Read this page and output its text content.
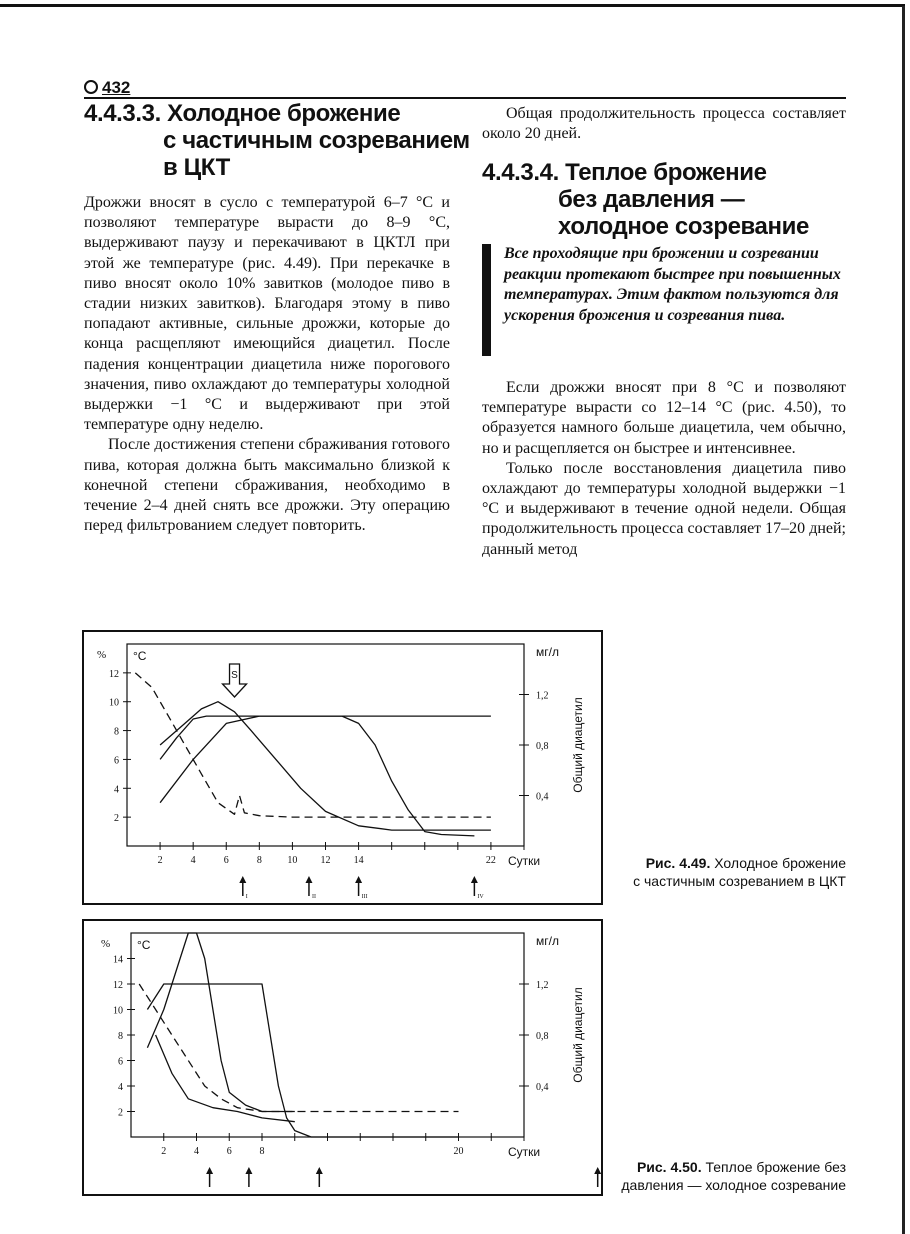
432
4.4.3.3. Холодное брожение
с частичным созреванием
в ЦКТ

Дрожжи вносят в сусло с температурой 6–7 °С и позволяют температуре вырасти до 8–9 °С, выдерживают паузу и перекачивают в ЦКТЛ при этой же температуре (рис. 4.49). При перекачке в пиво вносят около 10% завитков (молодое пиво в стадии низких завитков). Благодаря этому в пиво попадают активные, сильные дрожжи, которые до конца расщепляют имеющийся диацетил. После падения концентрации диацетила ниже порогового значения, пиво охлаждают до температуры холодной выдержки −1 °С и выдерживают при этой температуре одну неделю.

После достижения степени сбраживания готового пива, которая должна быть максимально близкой к конечной степени сбраживания, необходимо в течение 2–4 дней снять все дрожжи. Эту операцию перед фильтрованием следует повторить.

Общая продолжительность процесса составляет около 20 дней.

4.4.3.4. Теплое брожение
без давления —
холодное созревание
Все проходящие при брожении и созревании реакции протекают быстрее при повышенных температурах. Этим фактом пользуются для ускорения брожения и созревания пива.

Если дрожжи вносят при 8 °С и позволяют температуре вырасти со 12–14 °С (рис. 4.50), то образуется намного больше диацетила, чем обычно, но и расщепляется он быстрее и интенсивнее.

Только после восстановления диацетила пиво охлаждают до температуры холодной выдержки −1 °С и выдерживают в течение одной недели. Общая продолжительность процесса составляет 17–20 дней; данный метод

% °С	мг/л
2
4
6
8
10
12
0,4
0,8
1,2
Общий диацетил
2	4	6	8	10 12 14	22 Сутки
I	II	III	IV
S
Рис. 4.49. Холодное брожение
с частичным созреванием в ЦКТ
% °С	мг/л
2
4
6
8
10
12
14
0,4
0,8
1,2
Общий диацетил
2	4	6	8	20	Сутки
Рис. 4.50. Теплое брожение без
давления — холодное созревание
